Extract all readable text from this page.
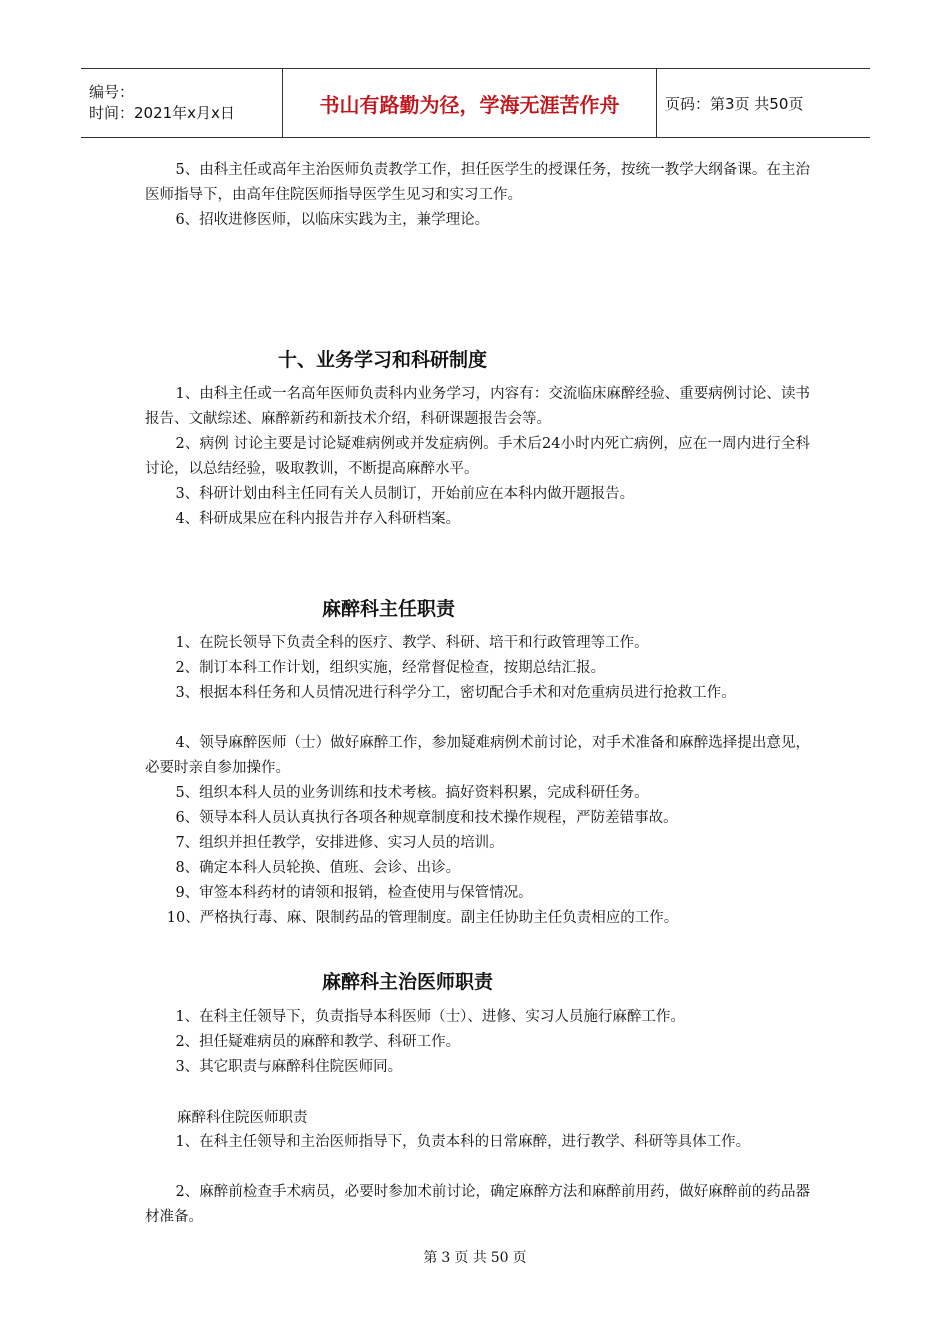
编号：
时间：2021年x月x日	书山有路勤为径，学海无涯苦作舟	页码：第3页 共50页
5、由科主任或高年主治医师负责教学工作，担任医学生的授课任务，按统一教学大纲备课。在主治医师指导下，由高年住院医师指导医学生见习和实习工作。
6、招收进修医师，以临床实践为主，兼学理论。
十、业务学习和科研制度
1、由科主任或一名高年医师负责科内业务学习，内容有：交流临床麻醉经验、重要病例讨论、读书报告、文献综述、麻醉新药和新技术介绍，科研课题报告会等。
2、病例 讨论主要是讨论疑难病例或并发症病例。手术后24小时内死亡病例，应在一周内进行全科讨论，以总结经验，吸取教训，不断提高麻醉水平。
3、科研计划由科主任同有关人员制订，开始前应在本科内做开题报告。
4、科研成果应在科内报告并存入科研档案。
麻醉科主任职责
1、在院长领导下负责全科的医疗、教学、科研、培干和行政管理等工作。
2、制订本科工作计划，组织实施，经常督促检查，按期总结汇报。
3、根据本科任务和人员情况进行科学分工，密切配合手术和对危重病员进行抢救工作。
4、领导麻醉医师（士）做好麻醉工作，参加疑难病例术前讨论，对手术准备和麻醉选择提出意见，必要时亲自参加操作。
5、组织本科人员的业务训练和技术考核。搞好资料积累，完成科研任务。
6、领导本科人员认真执行各项各种规章制度和技术操作规程，严防差错事故。
7、组织并担任教学，安排进修、实习人员的培训。
8、确定本科人员轮换、值班、会诊、出诊。
9、审签本科药材的请领和报销，检查使用与保管情况。
10、严格执行毒、麻、限制药品的管理制度。副主任协助主任负责相应的工作。
麻醉科主治医师职责
1、在科主任领导下，负责指导本科医师（士）、进修、实习人员施行麻醉工作。
2、担任疑难病员的麻醉和教学、科研工作。
3、其它职责与麻醉科住院医师同。
麻醉科住院医师职责
1、在科主任领导和主治医师指导下，负责本科的日常麻醉，进行教学、科研等具体工作。
2、麻醉前检查手术病员，必要时参加术前讨论，确定麻醉方法和麻醉前用药，做好麻醉前的药品器材准备。
第 3 页 共 50 页
